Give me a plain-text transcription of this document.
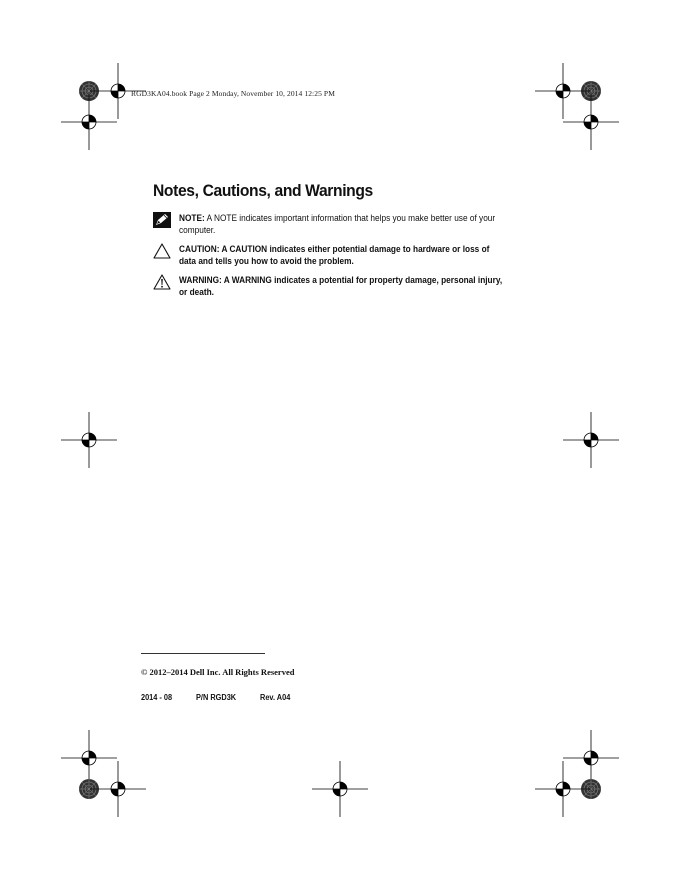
RGD3KA04.book Page 2 Monday, November 10, 2014 12:25 PM
Notes, Cautions, and Warnings
NOTE: A NOTE indicates important information that helps you make better use of your computer.
CAUTION: A CAUTION indicates either potential damage to hardware or loss of data and tells you how to avoid the problem.
WARNING: A WARNING indicates a potential for property damage, personal injury, or death.
© 2012–2014 Dell Inc. All Rights Reserved
2014 - 08	P/N RGD3K	Rev. A04
